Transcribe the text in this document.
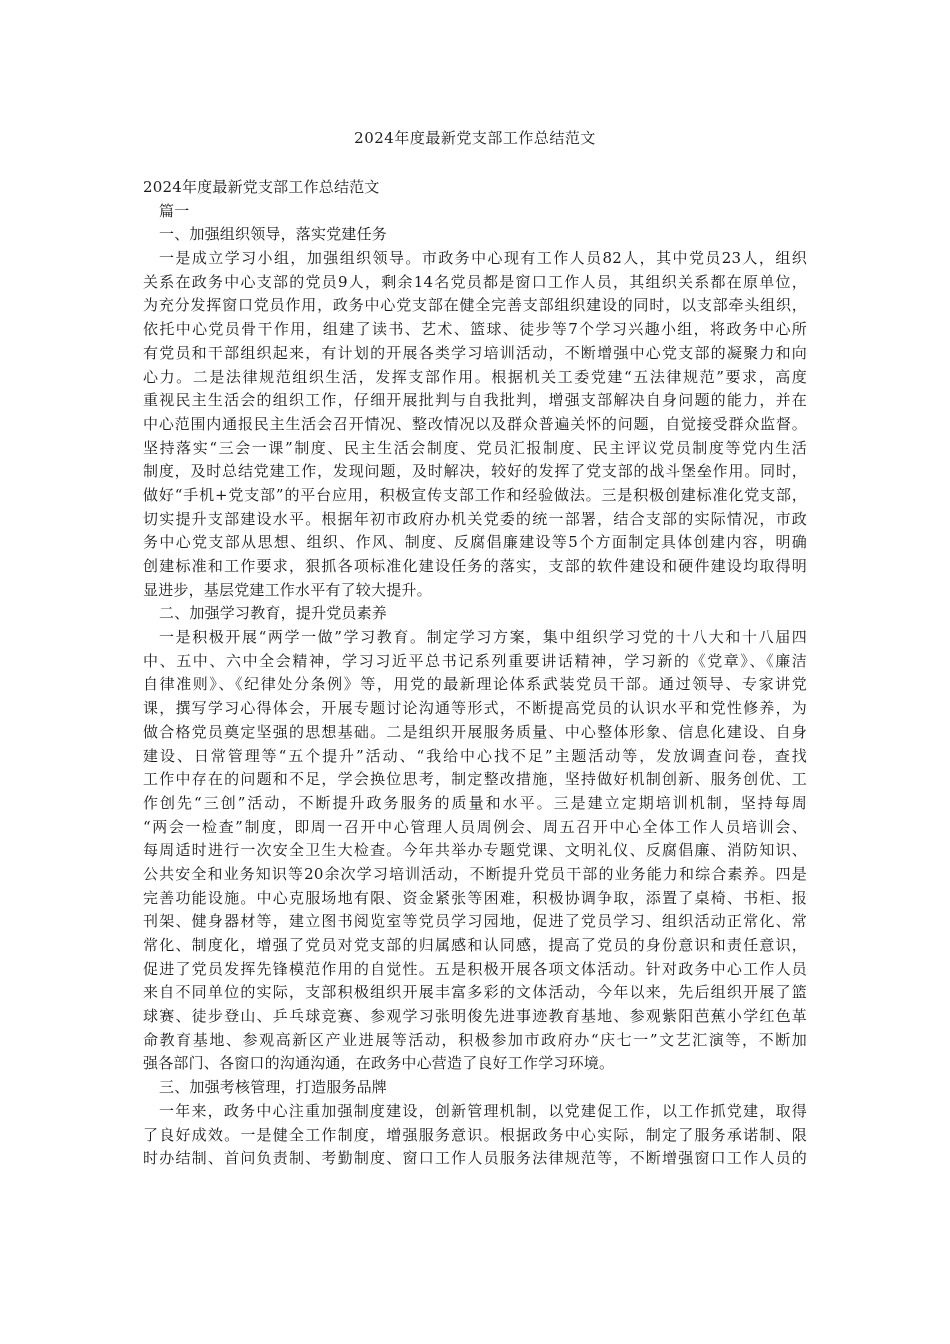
2024年度最新党支部工作总结范文
2024年度最新党支部工作总结范文
篇一
一、加强组织领导，落实党建任务
一是成立学习小组，加强组织领导。市政务中心现有工作人员82人，其中党员23人，组织
关系在政务中心支部的党员9人，剩余14名党员都是窗口工作人员，其组织关系都在原单位，
为充分发挥窗口党员作用，政务中心党支部在健全完善支部组织建设的同时，以支部牵头组织，
依托中心党员骨干作用，组建了读书、艺术、篮球、徒步等7个学习兴趣小组，将政务中心所
有党员和干部组织起来，有计划的开展各类学习培训活动，不断增强中心党支部的凝聚力和向
心力。二是法律规范组织生活，发挥支部作用。根据机关工委党建“五法律规范”要求，高度
重视民主生活会的组织工作，仔细开展批判与自我批判，增强支部解决自身问题的能力，并在
中心范围内通报民主生活会召开情况、整改情况以及群众普遍关怀的问题，自觉接受群众监督。
坚持落实“三会一课”制度、民主生活会制度、党员汇报制度、民主评议党员制度等党内生活
制度，及时总结党建工作，发现问题，及时解决，较好的发挥了党支部的战斗堡垒作用。同时，
做好“手机+党支部”的平台应用，积极宣传支部工作和经验做法。三是积极创建标准化党支部，
切实提升支部建设水平。根据年初市政府办机关党委的统一部署，结合支部的实际情况，市政
务中心党支部从思想、组织、作风、制度、反腐倡廉建设等5个方面制定具体创建内容，明确
创建标准和工作要求，狠抓各项标准化建设任务的落实，支部的软件建设和硬件建设均取得明
显进步，基层党建工作水平有了较大提升。
二、加强学习教育，提升党员素养
一是积极开展“两学一做”学习教育。制定学习方案，集中组织学习党的十八大和十八届四
中、五中、六中全会精神，学习习近平总书记系列重要讲话精神，学习新的《党章》、《廉洁
自律准则》、《纪律处分条例》等，用党的最新理论体系武装党员干部。通过领导、专家讲党
课，撰写学习心得体会，开展专题讨论沟通等形式，不断提高党员的认识水平和党性修养，为
做合格党员奠定坚强的思想基础。二是组织开展服务质量、中心整体形象、信息化建设、自身
建设、日常管理等“五个提升”活动、“我给中心找不足”主题活动等，发放调查问卷，查找
工作中存在的问题和不足，学会换位思考，制定整改措施，坚持做好机制创新、服务创优、工
作创先“三创”活动，不断提升政务服务的质量和水平。三是建立定期培训机制，坚持每周
“两会一检查”制度，即周一召开中心管理人员周例会、周五召开中心全体工作人员培训会、
每周适时进行一次安全卫生大检查。今年共举办专题党课、文明礼仪、反腐倡廉、消防知识、
公共安全和业务知识等20余次学习培训活动，不断提升党员干部的业务能力和综合素养。四是
完善功能设施。中心克服场地有限、资金紧张等困难，积极协调争取，添置了桌椅、书柜、报
刊架、健身器材等，建立图书阅览室等党员学习园地，促进了党员学习、组织活动正常化、常
常化、制度化，增强了党员对党支部的归属感和认同感，提高了党员的身份意识和责任意识，
促进了党员发挥先锋模范作用的自觉性。五是积极开展各项文体活动。针对政务中心工作人员
来自不同单位的实际，支部积极组织开展丰富多彩的文体活动，今年以来，先后组织开展了篮
球赛、徒步登山、乒乓球竞赛、参观学习张明俊先进事迹教育基地、参观紫阳芭蕉小学红色革
命教育基地、参观高新区产业进展等活动，积极参加市政府办“庆七一”文艺汇演等，不断加
强各部门、各窗口的沟通沟通，在政务中心营造了良好工作学习环境。
三、加强考核管理，打造服务品牌
一年来，政务中心注重加强制度建设，创新管理机制，以党建促工作，以工作抓党建，取得
了良好成效。一是健全工作制度，增强服务意识。根据政务中心实际，制定了服务承诺制、限
时办结制、首问负责制、考勤制度、窗口工作人员服务法律规范等，不断增强窗口工作人员的
